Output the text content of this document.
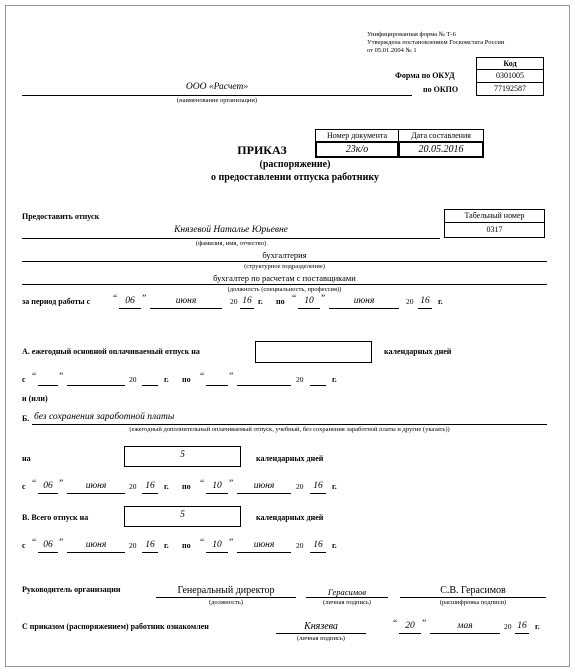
Унифицированная форма № Т-6
Утверждена постановлением Госкомстата России
от 05.01.2004 № 1
Код
0301005
77192587
Форма по ОКУД
по ОКПО
ООО «Расчет»
(наименование организации)
Номер документа	Дата составления
23к/о	20.05.2016
ПРИКАЗ
(распоряжение)
о предоставлении отпуска работнику
Предоставить отпуск	Табельный номер
0317
Князевой Наталье Юрьевне
(фамилия, имя, отчество)
бухгалтерия
(структурное подразделение)
бухгалтер по расчетам с поставщиками
(должность (специальность, профессия))
за период работы с “ 06 ”	июня	20 16 г. по “ 10 ”	июня	20 16 г.
А. ежегодный основной оплачиваемый отпуск на	календарных дней
с “ ”	20	г. по “	”	20	г.
и (или)
Б. без сохранения заработной платы
(ежегодный дополнительный оплачиваемый отпуск, учебный, без сохранения заработной платы и другие (указать))
на	5	календарных дней
с “ 06 ”	июня	20 16	г. по “ 10 ”	июня	20	16	г.
В. Всего отпуск на	5	календарных дней
с “ 06 ”	июня	20 16	г. по “ 10 ”	июня	20	16	г.
Руководитель организации	Генеральный директор
(должность)
Герасимов
(личная подпись)
С.В. Герасимов
(расшифровка подписи)
С приказом (распоряжением) работник ознакомлен	Князева
(личная подпись)
“ 20 ”	мая	20 16 г.
